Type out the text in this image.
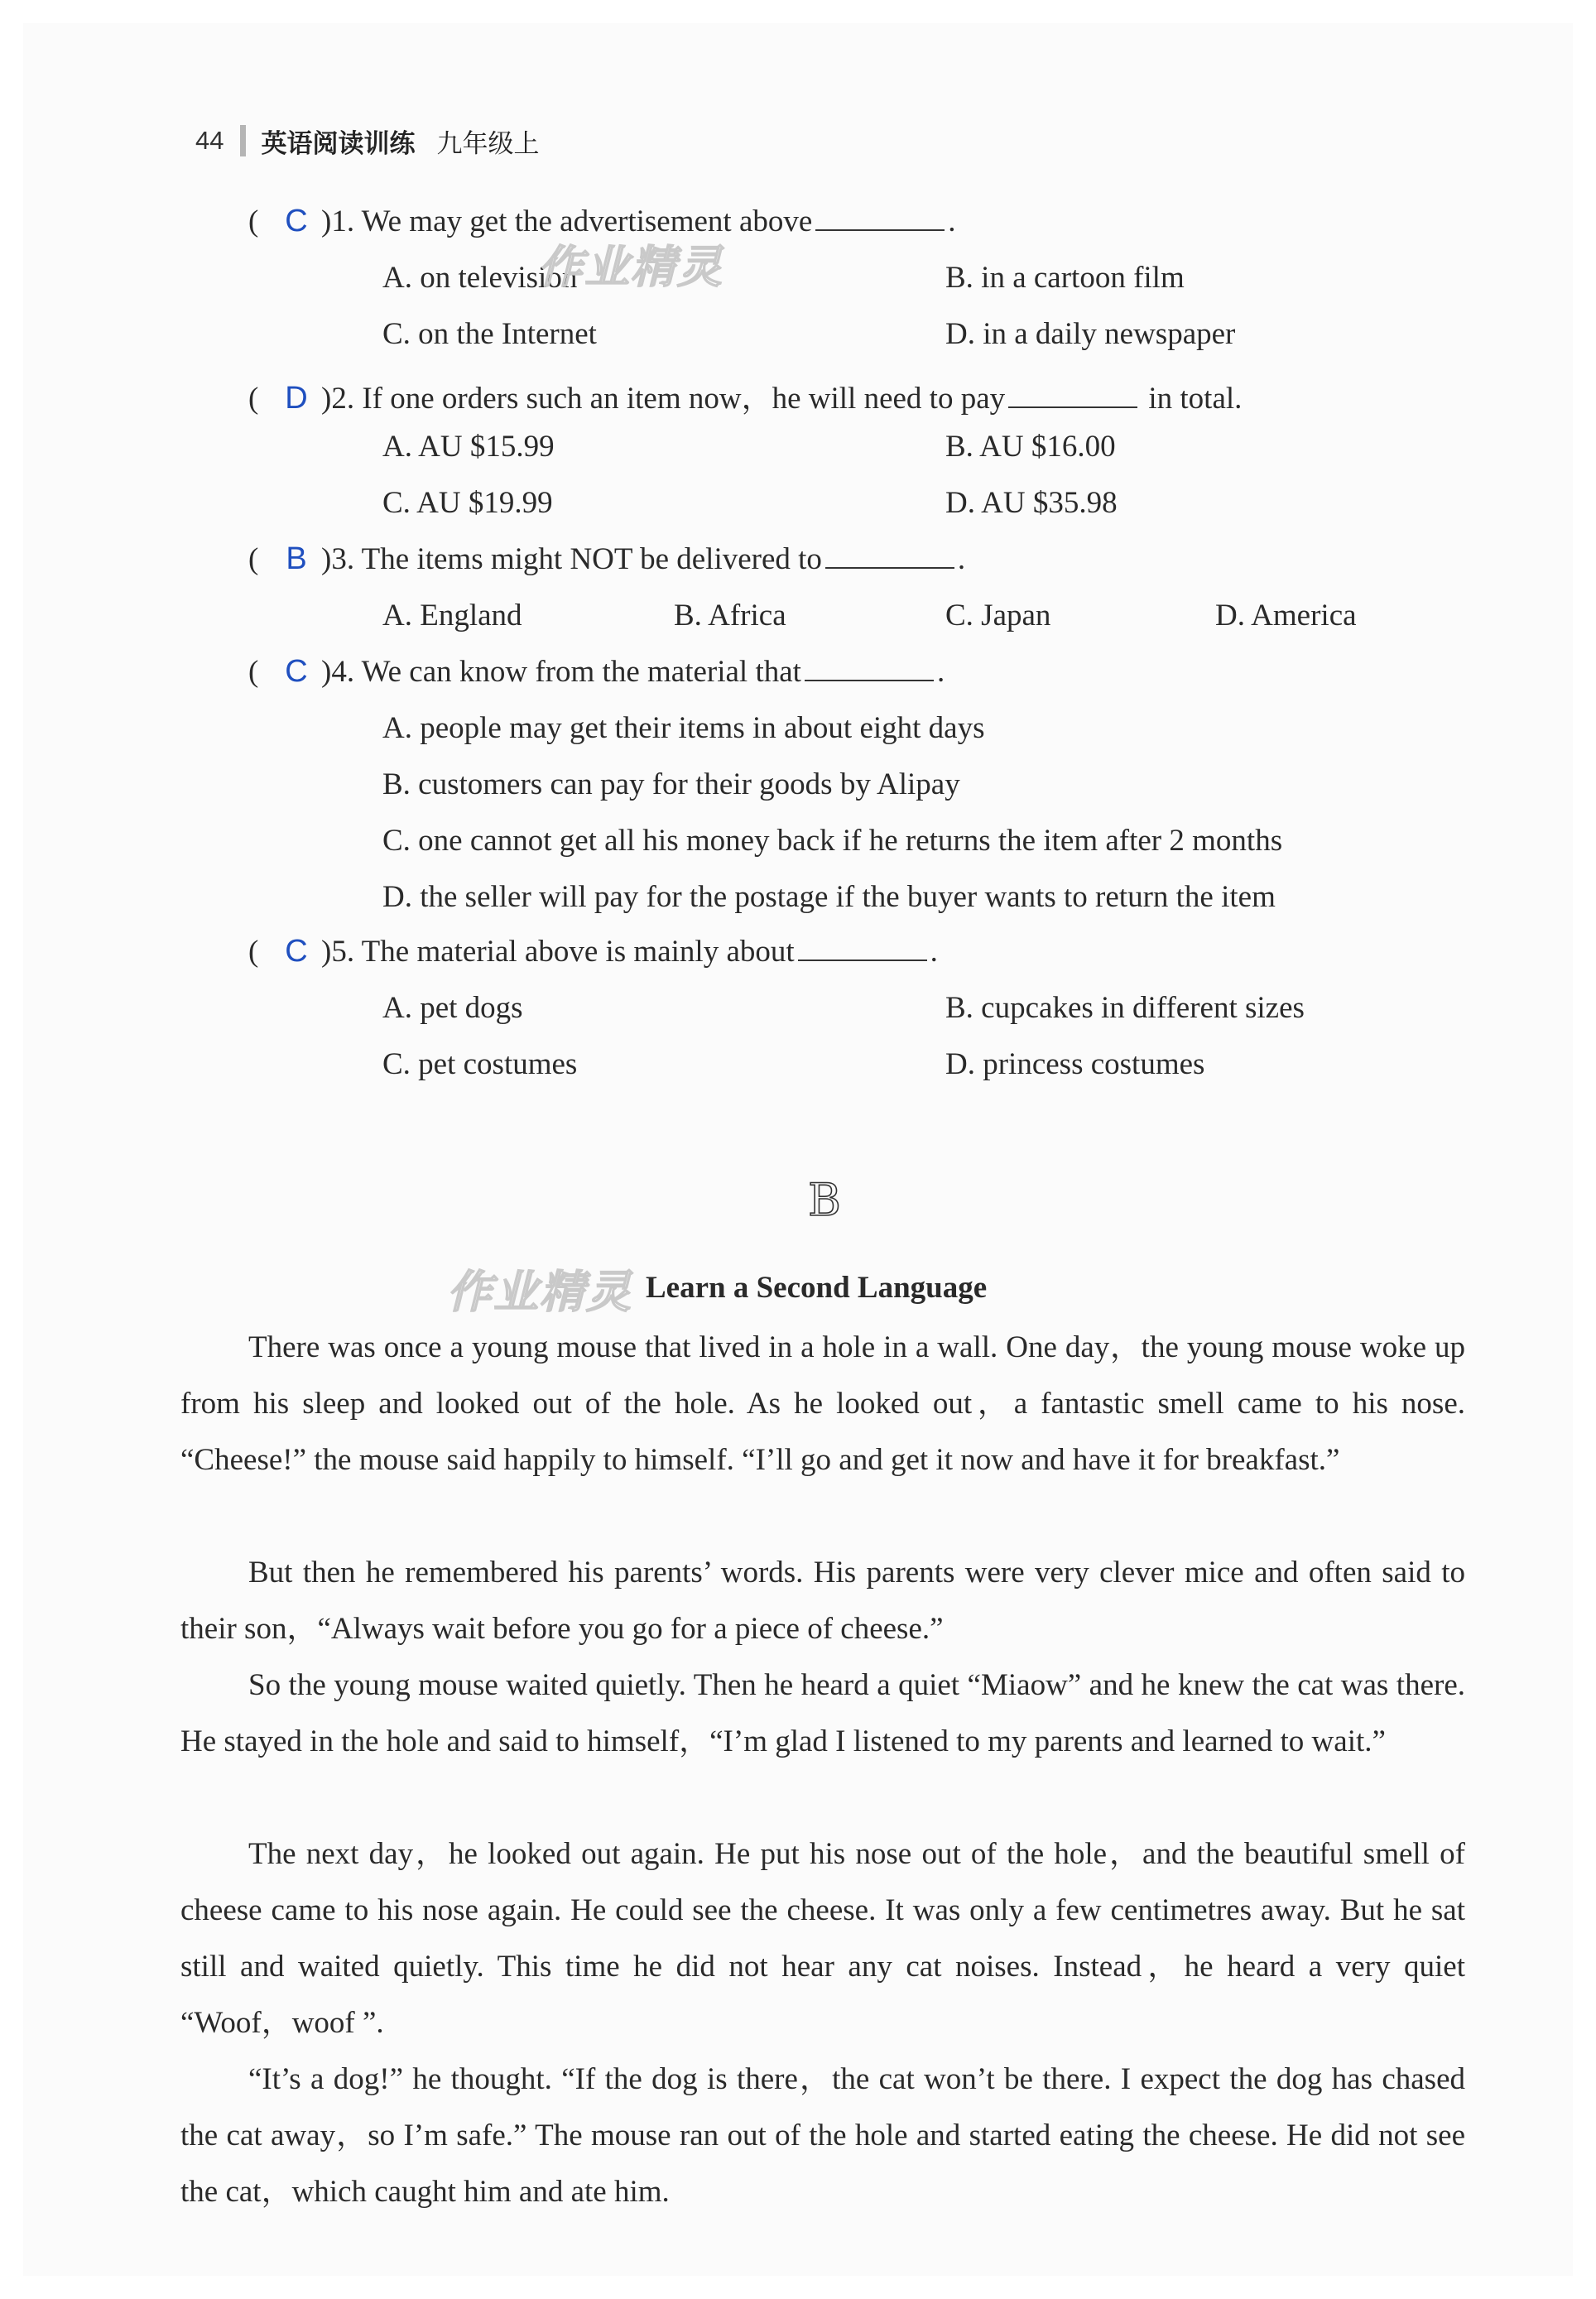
44 英语阅读训练 九年级上
( C )1. We may get the advertisement above	.
A. on television	B. in a cartoon film
C. on the Internet	D. in a daily newspaper
( D )2. If one orders such an item now，he will need to pay	in total.
A. AU $15.99	B. AU $16.00
C. AU $19.99	D. AU $35.98
( B )3. The items might NOT be delivered to	.
A. England	B. Africa	C. Japan	D. America
( C )4. We can know from the material that	.
A. people may get their items in about eight days
B. customers can pay for their goods by Alipay
C. one cannot get all his money back if he returns the item after 2 months
D. the seller will pay for the postage if the buyer wants to return the item
( C )5. The material above is mainly about	.
A. pet dogs	B. cupcakes in different sizes
C. pet costumes	D. princess costumes
B
Learn a Second Language
There was once a young mouse that lived in a hole in a wall. One day，the young mouse woke up from his sleep and looked out of the hole. As he looked out，a fantastic smell came to his nose. “Cheese!” the mouse said happily to himself. “I’ll go and get it now and have it for breakfast.”
But then he remembered his parents’ words. His parents were very clever mice and often said to their son，“Always wait before you go for a piece of cheese.”
So the young mouse waited quietly. Then he heard a quiet “Miaow” and he knew the cat was there. He stayed in the hole and said to himself，“I’m glad I listened to my parents and learned to wait.”
The next day，he looked out again. He put his nose out of the hole，and the beautiful smell of cheese came to his nose again. He could see the cheese. It was only a few centimetres away. But he sat still and waited quietly. This time he did not hear any cat noises. Instead，he heard a very quiet “Woof，woof ”.
“It’s a dog!” he thought. “If the dog is there，the cat won’t be there. I expect the dog has chased the cat away，so I’m safe.” The mouse ran out of the hole and started eating the cheese. He did not see the cat，which caught him and ate him.
作业精灵
作业精灵
